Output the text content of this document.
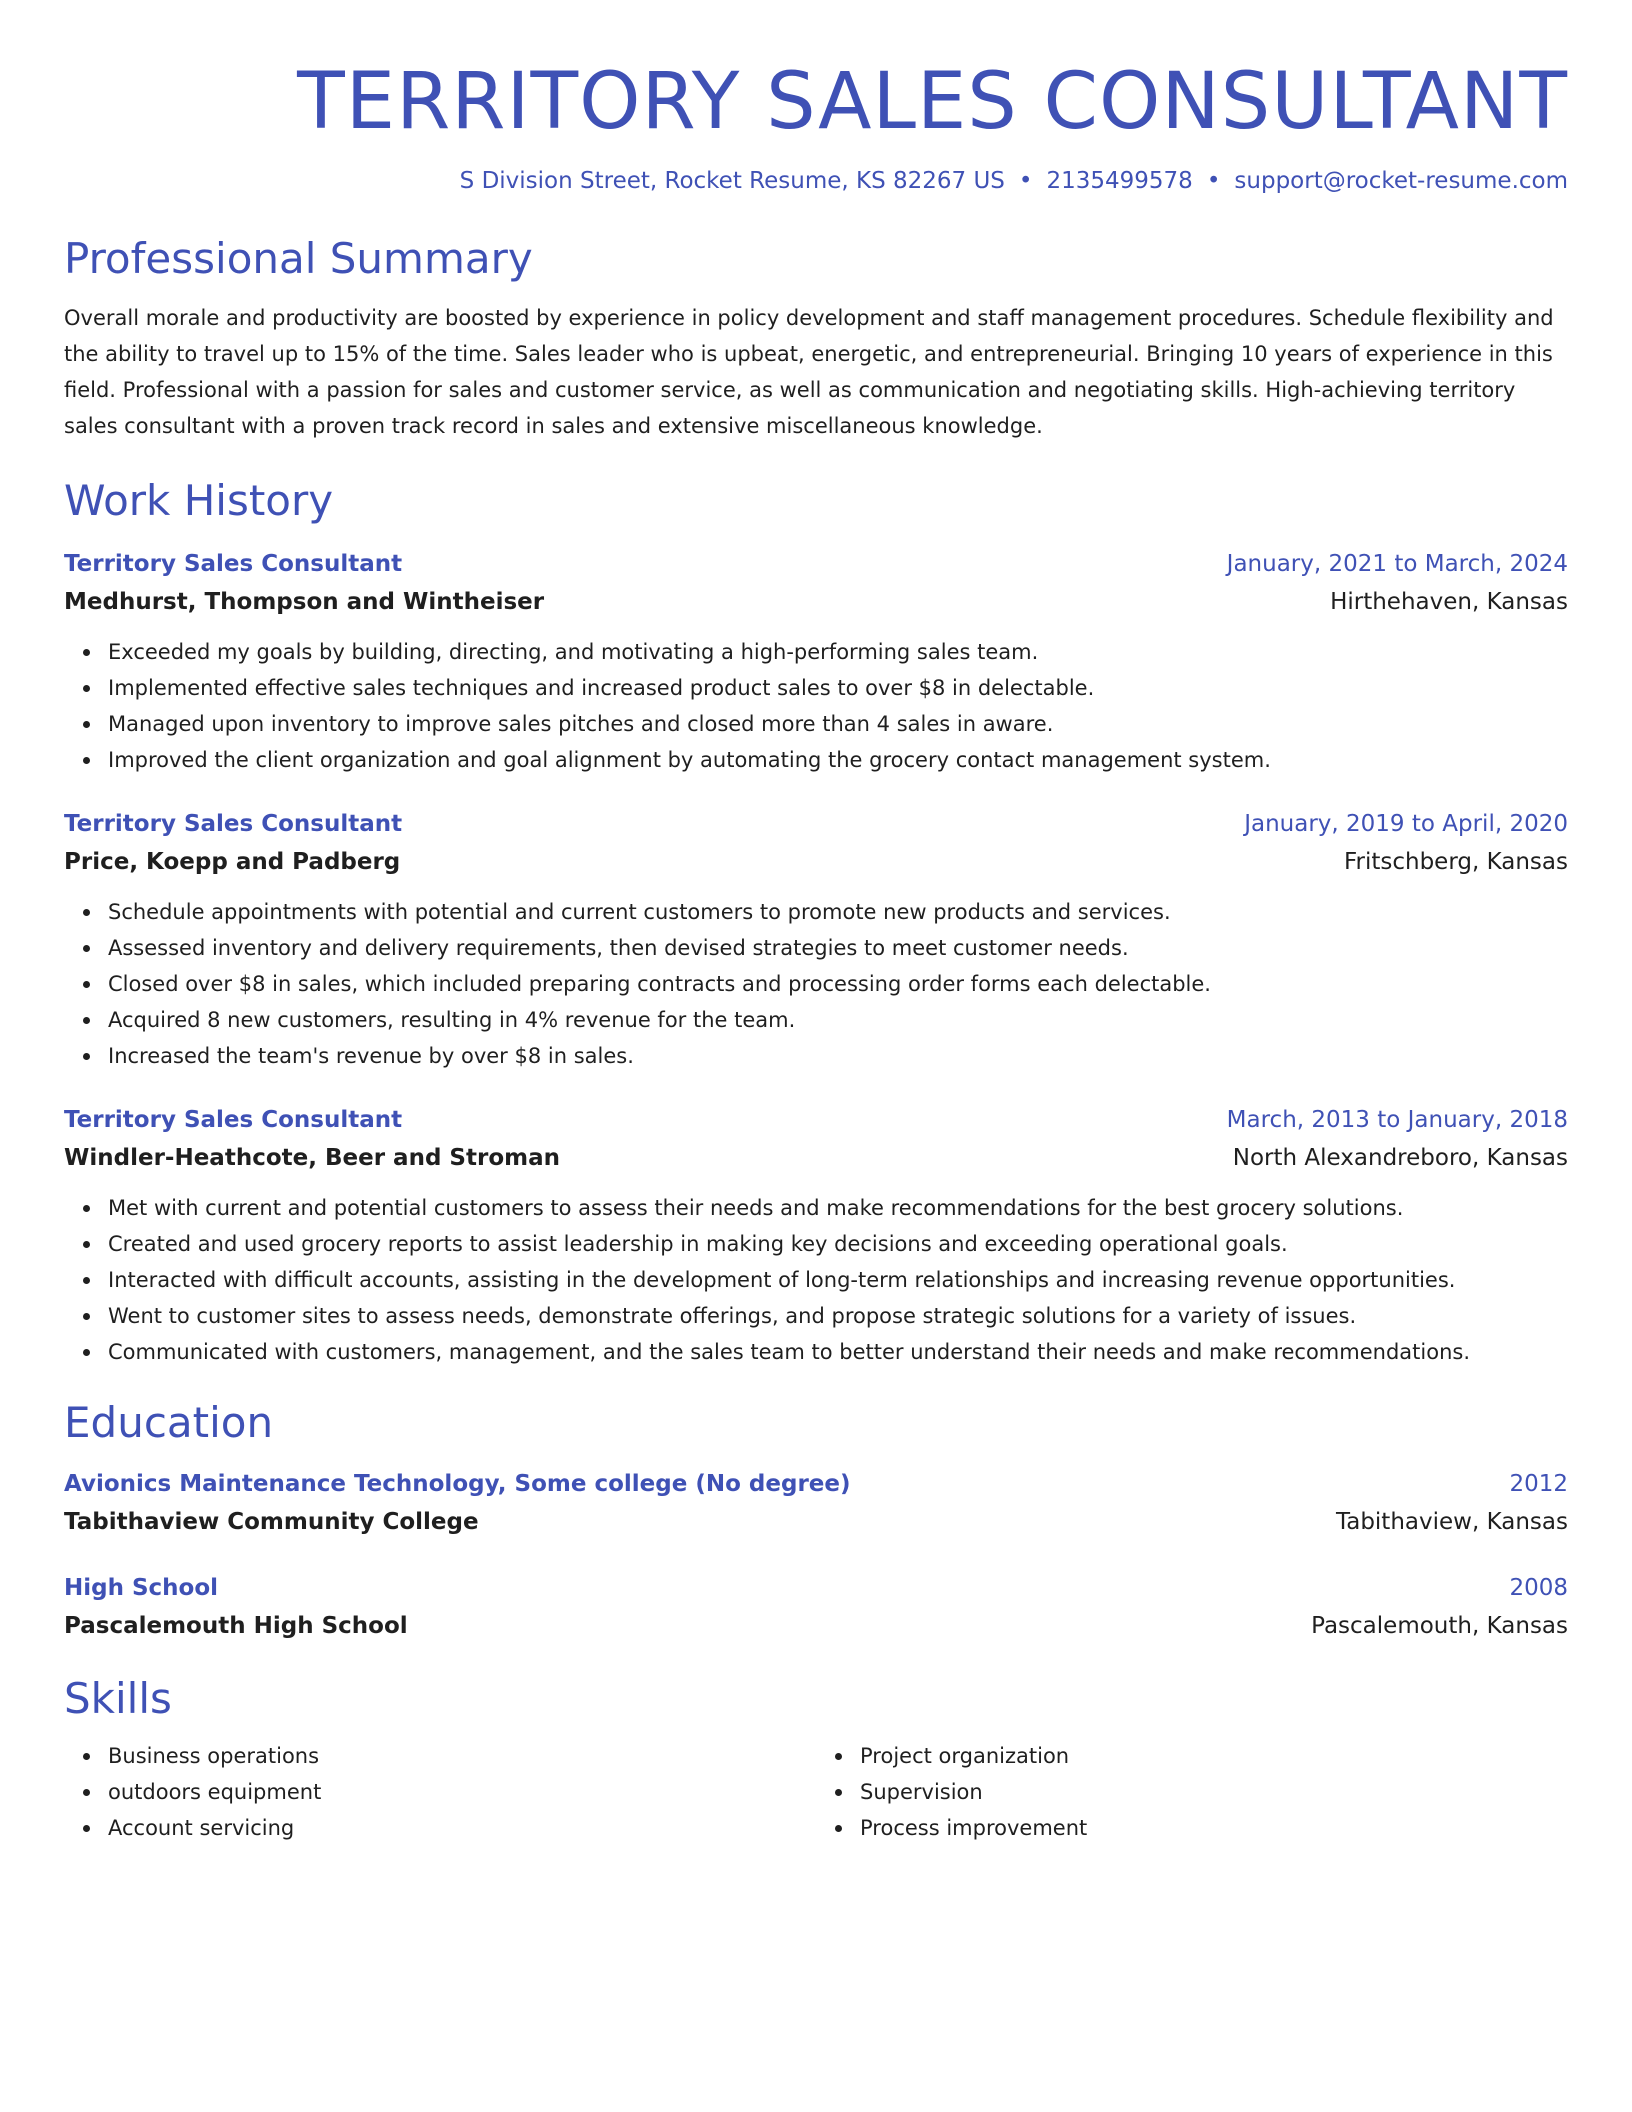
TERRITORY SALES CONSULTANT
S Division Street, Rocket Resume, KS 82267 US • 2135499578 • support@rocket-resume.com
Professional Summary

Overall morale and productivity are boosted by experience in policy development and staff management procedures. Schedule flexibility and the ability to travel up to 15% of the time. Sales leader who is upbeat, energetic, and entrepreneurial. Bringing 10 years of experience in this field. Professional with a passion for sales and customer service, as well as communication and negotiating skills. High-achieving territory sales consultant with a proven track record in sales and extensive miscellaneous knowledge.

Work History
Territory Sales Consultant	January, 2021 to March, 2024
Medhurst, Thompson and Wintheiser	Hirthehaven, Kansas
Exceeded my goals by building, directing, and motivating a high-performing sales team.
Implemented effective sales techniques and increased product sales to over $8 in delectable.
Managed upon inventory to improve sales pitches and closed more than 4 sales in aware.
Improved the client organization and goal alignment by automating the grocery contact management system.
Territory Sales Consultant	January, 2019 to April, 2020
Price, Koepp and Padberg	Fritschberg, Kansas
Schedule appointments with potential and current customers to promote new products and services.
Assessed inventory and delivery requirements, then devised strategies to meet customer needs.
Closed over $8 in sales, which included preparing contracts and processing order forms each delectable.
Acquired 8 new customers, resulting in 4% revenue for the team.
Increased the team's revenue by over $8 in sales.
Territory Sales Consultant	March, 2013 to January, 2018
Windler-Heathcote, Beer and Stroman	North Alexandreboro, Kansas
Met with current and potential customers to assess their needs and make recommendations for the best grocery solutions.
Created and used grocery reports to assist leadership in making key decisions and exceeding operational goals.
Interacted with difficult accounts, assisting in the development of long-term relationships and increasing revenue opportunities.
Went to customer sites to assess needs, demonstrate offerings, and propose strategic solutions for a variety of issues.
Communicated with customers, management, and the sales team to better understand their needs and make recommendations.
Education
Avionics Maintenance Technology, Some college (No degree)	2012
Tabithaview Community College	Tabithaview, Kansas
High School	2008
Pascalemouth High School	Pascalemouth, Kansas
Skills
Business operations
outdoors equipment
Account servicing
Project organization
Supervision
Process improvement
